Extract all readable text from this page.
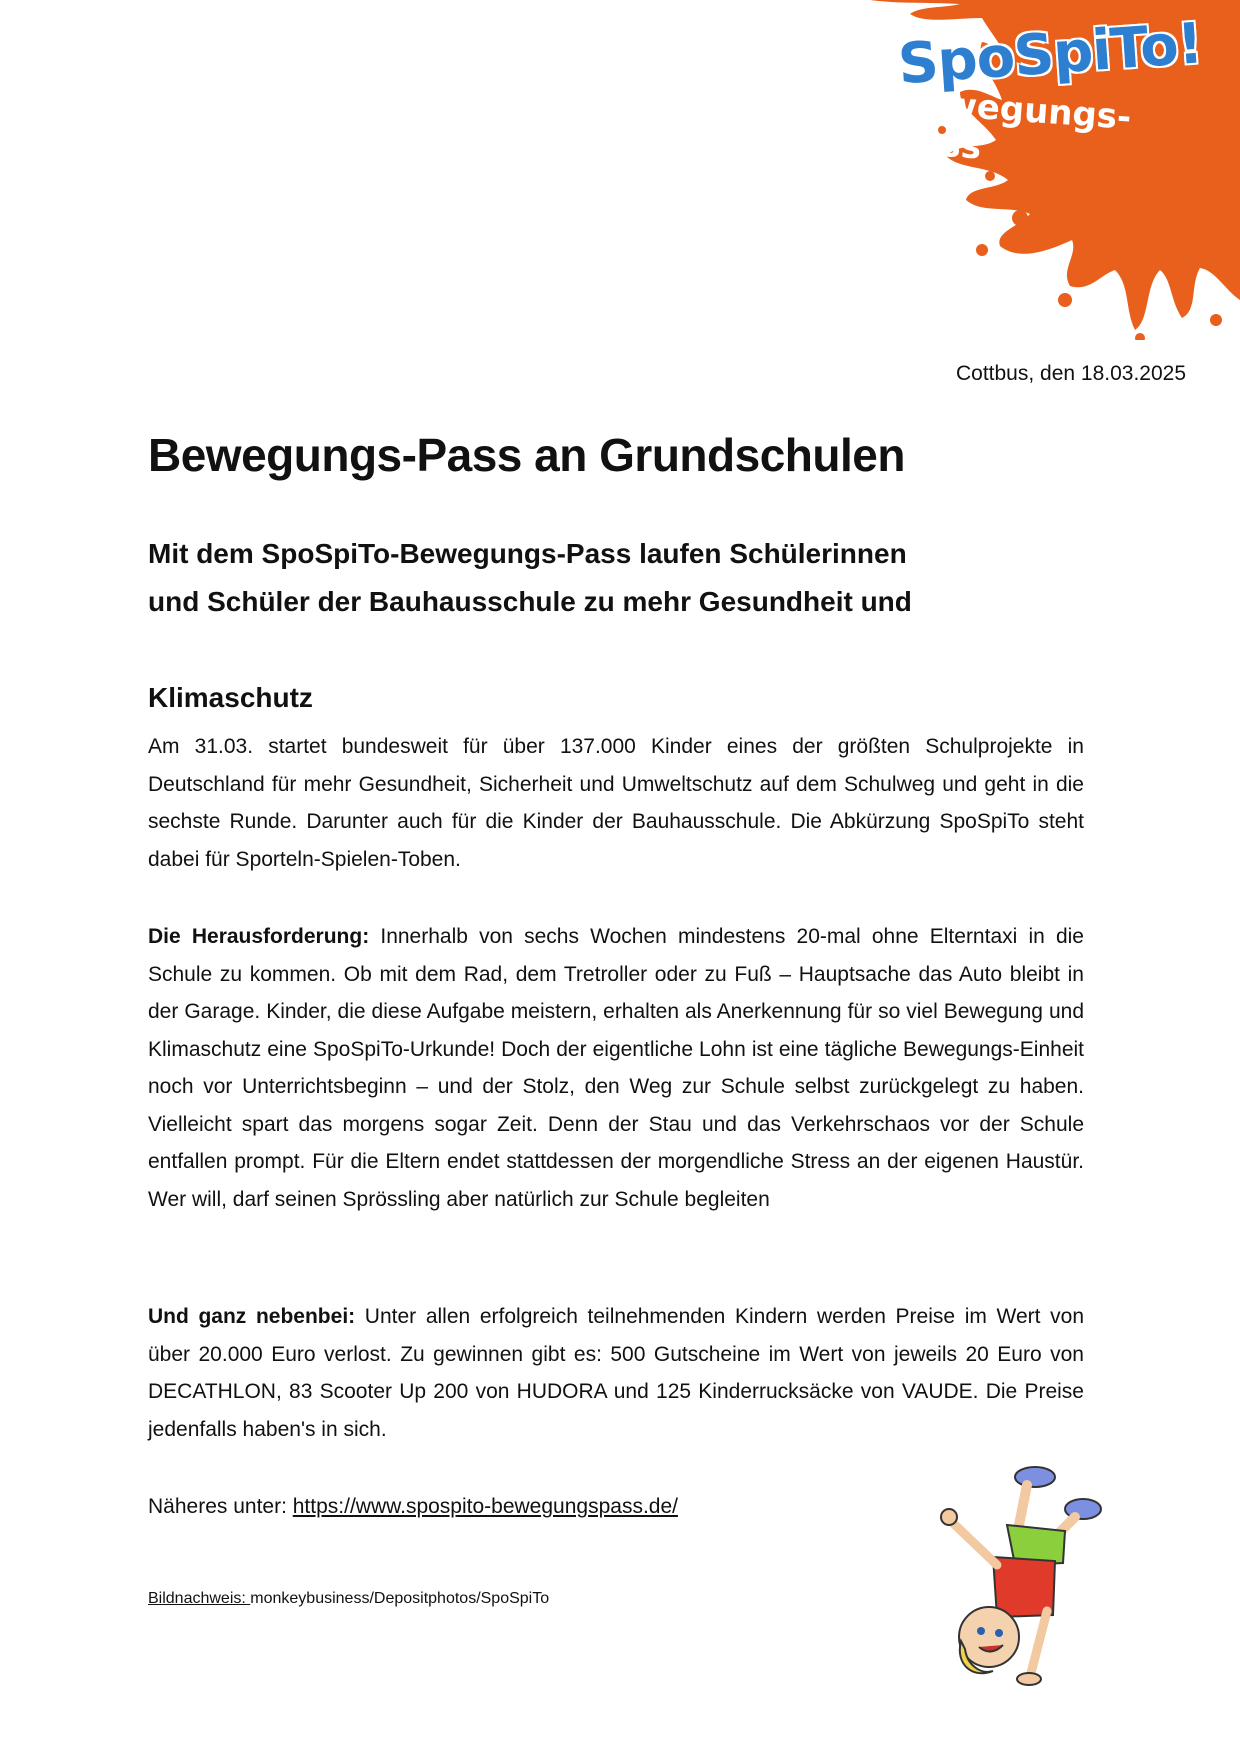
SpoSpiTo!
Bewegungs-Pass
Cottbus, den 18.03.2025
Bewegungs-Pass an Grundschulen
Mit dem SpoSpiTo-Bewegungs-Pass laufen Schülerinnen
und Schüler der Bauhausschule zu mehr Gesundheit und
Klimaschutz

Am 31.03. startet bundesweit für über 137.000 Kinder eines der größten Schulprojekte in Deutschland für mehr Gesundheit, Sicherheit und Umweltschutz auf dem Schulweg und geht in die sechste Runde. Darunter auch für die Kinder der Bauhausschule. Die Abkürzung SpoSpiTo steht dabei für Sporteln-Spielen-Toben.

Die Herausforderung: Innerhalb von sechs Wochen mindestens 20-mal ohne Elterntaxi in die Schule zu kommen. Ob mit dem Rad, dem Tretroller oder zu Fuß – Hauptsache das Auto bleibt in der Garage. Kinder, die diese Aufgabe meistern, erhalten als Anerkennung für so viel Bewegung und Klimaschutz eine SpoSpiTo-Urkunde! Doch der eigentliche Lohn ist eine tägliche Bewegungs-Einheit noch vor Unterrichtsbeginn – und der Stolz, den Weg zur Schule selbst zurückgelegt zu haben. Vielleicht spart das morgens sogar Zeit. Denn der Stau und das Verkehrschaos vor der Schule entfallen prompt. Für die Eltern endet stattdessen der morgendliche Stress an der eigenen Haustür. Wer will, darf seinen Sprössling aber natürlich zur Schule begleiten

Und ganz nebenbei: Unter allen erfolgreich teilnehmenden Kindern werden Preise im Wert von über 20.000 Euro verlost. Zu gewinnen gibt es: 500 Gutscheine im Wert von jeweils 20 Euro von DECATHLON, 83 Scooter Up 200 von HUDORA und 125 Kinderrucksäcke von VAUDE. Die Preise jedenfalls haben's in sich.

Näheres unter: https://www.spospito-bewegungspass.de/

Bildnachweis: monkeybusiness/Depositphotos/SpoSpiTo
